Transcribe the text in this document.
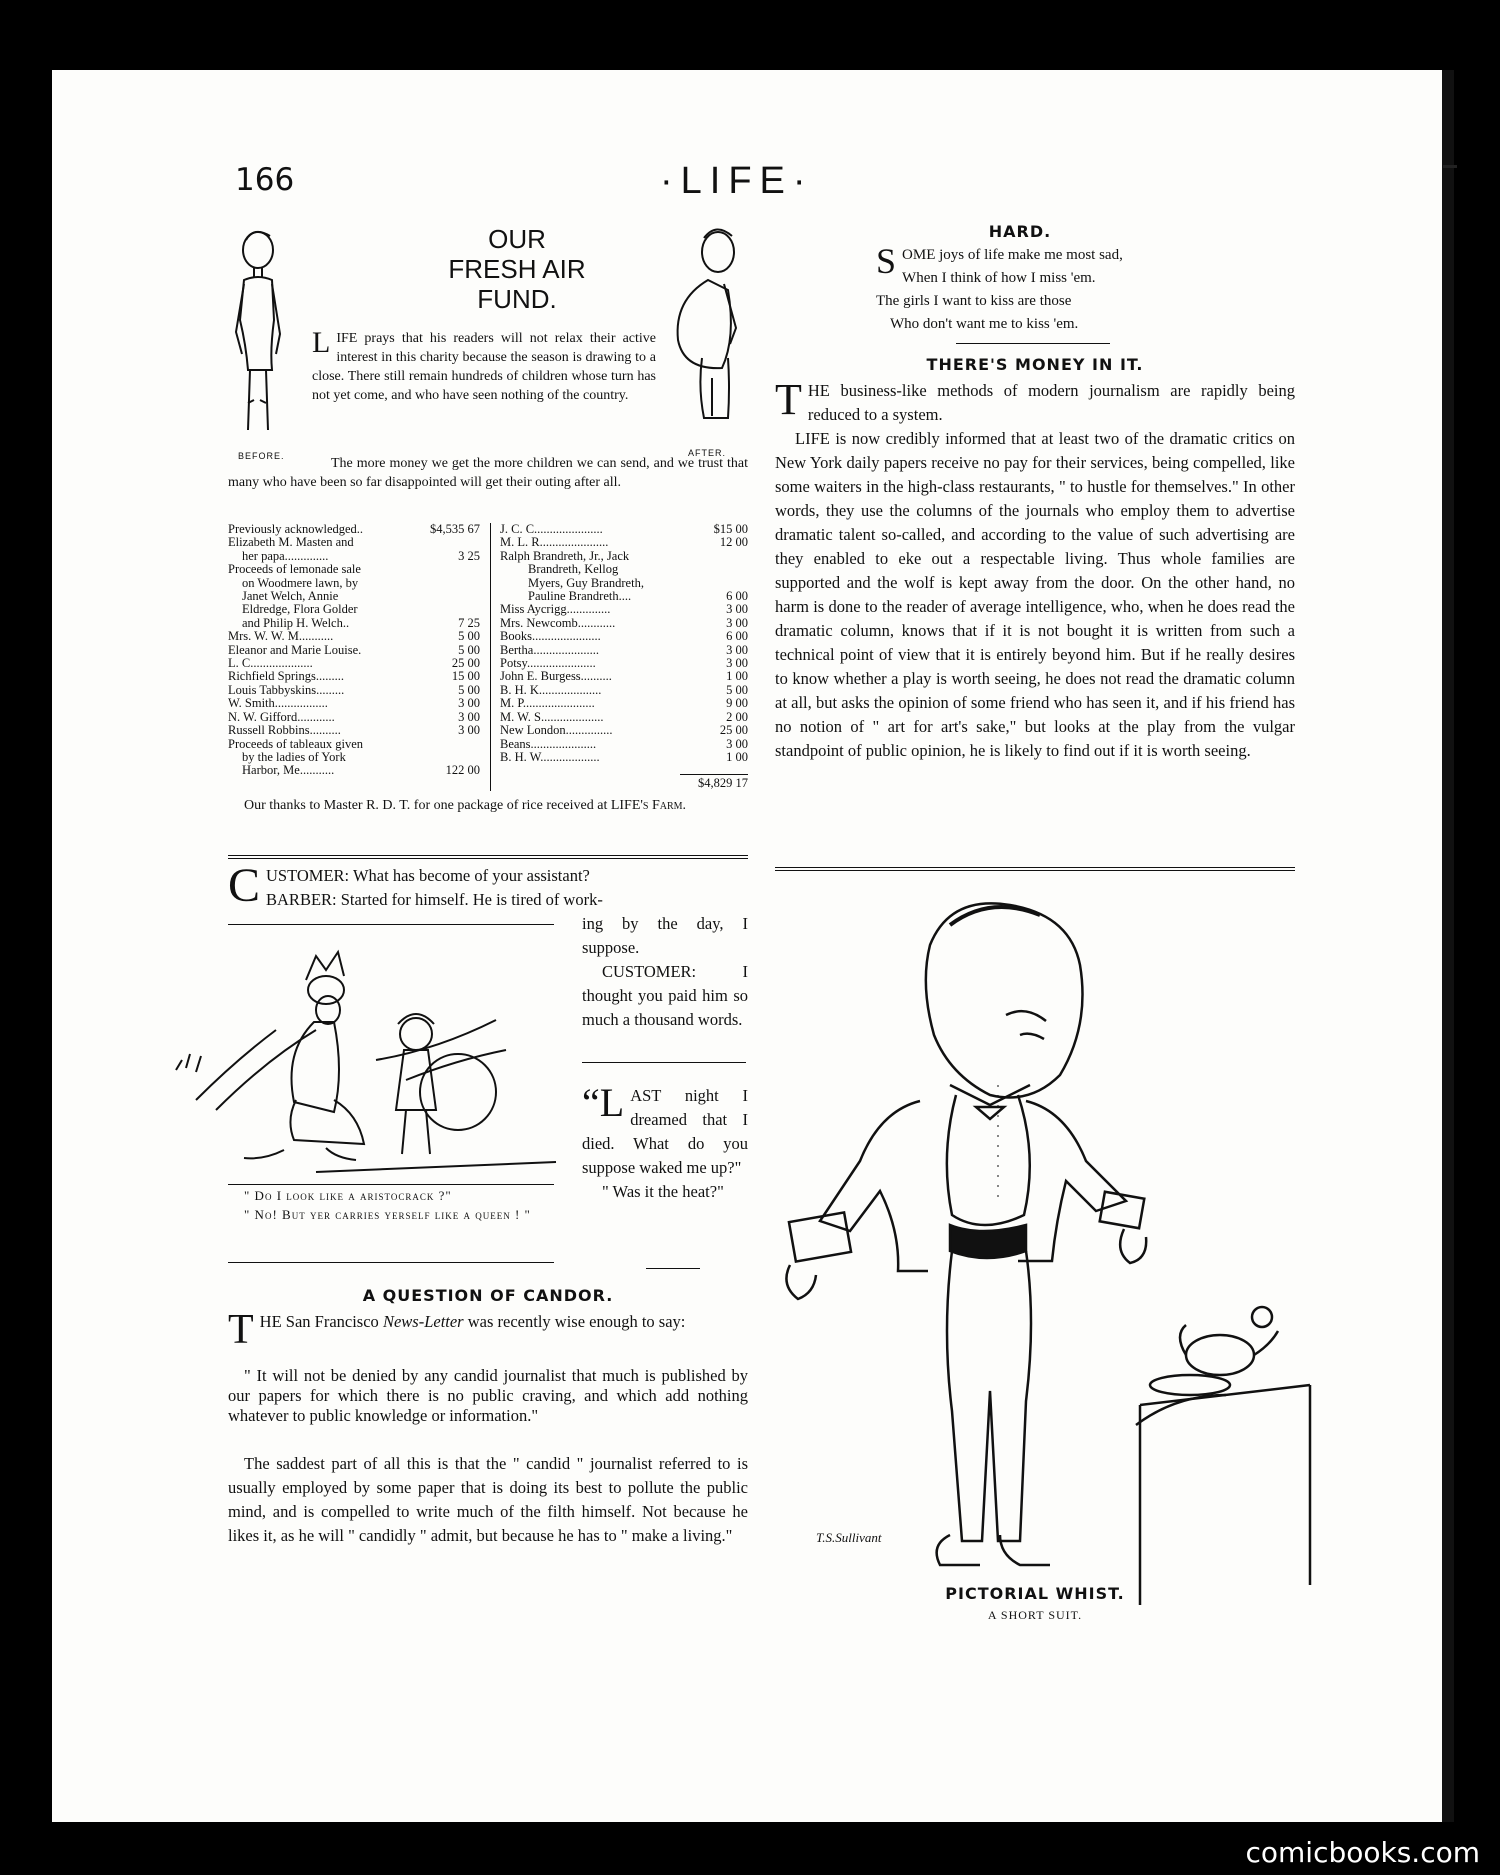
166	·LIFE·
BEFORE.	AFTER.
OUR
FRESH AIR
FUND.
LIFE prays that his readers will not relax their active interest in this charity because the season is drawing to a close. There still remain hundreds of children whose turn has not yet come, and who have seen nothing of the country.
The more money we get the more children we can send, and we trust that many who have been so far disappointed will get their outing after all.
Previously acknowledged..	$4,535 67
Elizabeth M. Masten and
her papa..............	3 25
Proceeds of lemonade sale
on Woodmere lawn, by
Janet Welch, Annie
Eldredge, Flora Golder
and Philip H. Welch..	7 25
Mrs. W. W. M...........	5 00
Eleanor and Marie Louise.	5 00
L. C....................	25 00
Richfield Springs.........	15 00
Louis Tabbyskins.........	5 00
W. Smith.................	3 00
N. W. Gifford............	3 00
Russell Robbins..........	3 00
Proceeds of tableaux given
by the ladies of York
Harbor, Me...........	122 00
J. C. C......................	$15 00
M. L. R......................	12 00
Ralph Brandreth, Jr., Jack
Brandreth, Kellog
Myers, Guy Brandreth,
Pauline Brandreth....	6 00
Miss Aycrigg..............	3 00
Mrs. Newcomb............	3 00
Books......................	6 00
Bertha.....................	3 00
Potsy......................	3 00
John E. Burgess..........	1 00
B. H. K....................	5 00
M. P.......................	9 00
M. W. S....................	2 00
New London...............	25 00
Beans.....................	3 00
B. H. W...................	1 00
$4,829 17
Our thanks to Master R. D. T. for one package of rice received at LIFE's Farm.
C USTOMER: What has become of your assistant?
BARBER: Started for himself. He is tired of work-
ing by the day, I suppose.
CUSTOMER: I thought you paid him so much a thousand words.
" Do I look like a aristocrack ?"
" No! But yer carries yerself like a queen ! "
“LAST night I dreamed that I died. What do you suppose waked me up?"
" Was it the heat?"
A QUESTION OF CANDOR.
THE San Francisco News-Letter was recently wise enough to say:
" It will not be denied by any candid journalist that much is published by our papers for which there is no public craving, and which add nothing whatever to public knowledge or information."
The saddest part of all this is that the " candid " journalist referred to is usually employed by some paper that is doing its best to pollute the public mind, and is compelled to write much of the filth himself. Not because he likes it, as he will " candidly " admit, but because he has to " make a living."
HARD.
S OME joys of life make me most sad,
When I think of how I miss 'em.
The girls I want to kiss are those
Who don't want me to kiss 'em.
THERE'S MONEY IN IT.
THE business-like methods of modern journalism are rapidly being reduced to a system.
LIFE is now credibly informed that at least two of the dramatic critics on New York daily papers receive no pay for their services, being compelled, like some waiters in the high-class restaurants, " to hustle for themselves." In other words, they use the columns of the journals who employ them to advertise dramatic talent so-called, and according to the value of such advertising are they enabled to eke out a respectable living. Thus whole families are supported and the wolf is kept away from the door. On the other hand, no harm is done to the reader of average intelligence, who, when he does read the dramatic column, knows that if it is not bought it is written from such a technical point of view that it is entirely beyond him. But if he really desires to know whether a play is worth seeing, he does not read the dramatic column at all, but asks the opinion of some friend who has seen it, and if his friend has no notion of " art for art's sake," but looks at the play from the vulgar standpoint of public opinion, he is likely to find out if it is worth seeing.
T.S.Sullivant
PICTORIAL WHIST.
A SHORT SUIT.
comicbooks.com
